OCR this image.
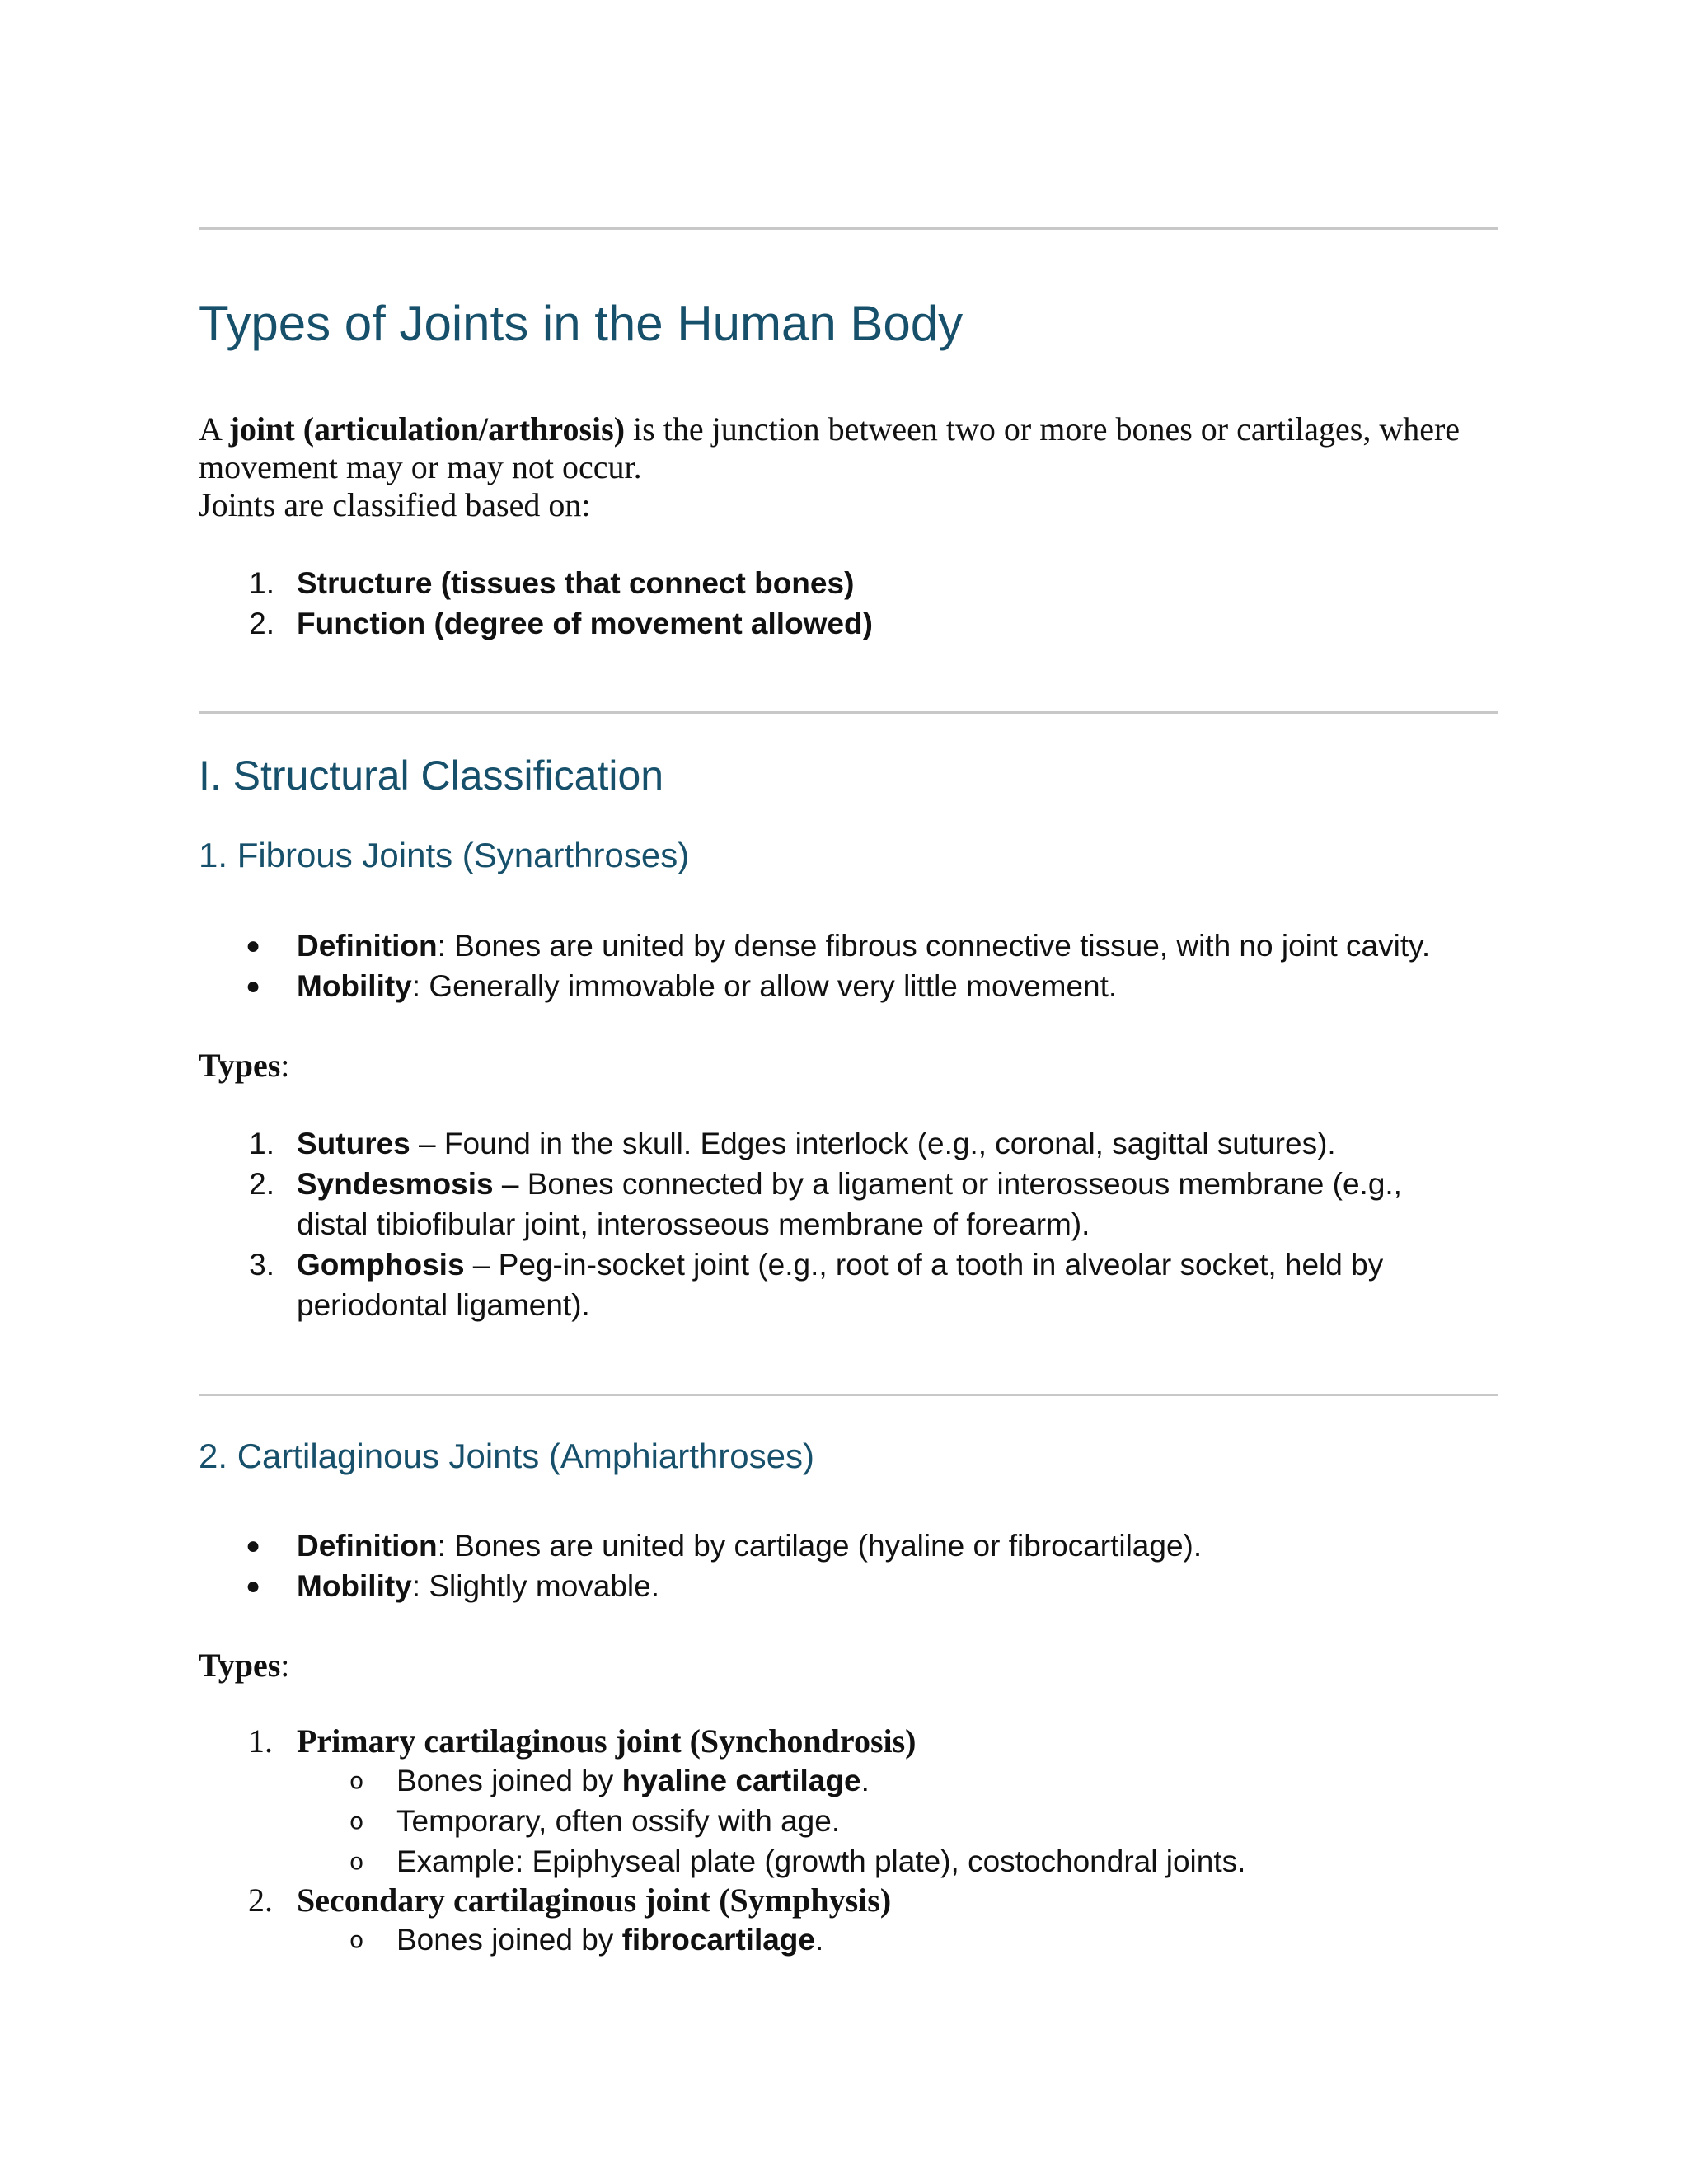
Types of Joints in the Human Body
A joint (articulation/arthrosis) is the junction between two or more bones or cartilages, where
movement may or may not occur.
Joints are classified based on:
1. Structure (tissues that connect bones)
2. Function (degree of movement allowed)
I. Structural Classification
1. Fibrous Joints (Synarthroses)
● Definition: Bones are united by dense fibrous connective tissue, with no joint cavity.
● Mobility: Generally immovable or allow very little movement.
Types:
1. Sutures – Found in the skull. Edges interlock (e.g., coronal, sagittal sutures).
2. Syndesmosis – Bones connected by a ligament or interosseous membrane (e.g.,
distal tibiofibular joint, interosseous membrane of forearm).
3. Gomphosis – Peg-in-socket joint (e.g., root of a tooth in alveolar socket, held by
periodontal ligament).
2. Cartilaginous Joints (Amphiarthroses)
● Definition: Bones are united by cartilage (hyaline or fibrocartilage).
● Mobility: Slightly movable.
Types:
1. Primary cartilaginous joint (Synchondrosis)
o Bones joined by hyaline cartilage.
o Temporary, often ossify with age.
o Example: Epiphyseal plate (growth plate), costochondral joints.
2. Secondary cartilaginous joint (Symphysis)
o Bones joined by fibrocartilage.
